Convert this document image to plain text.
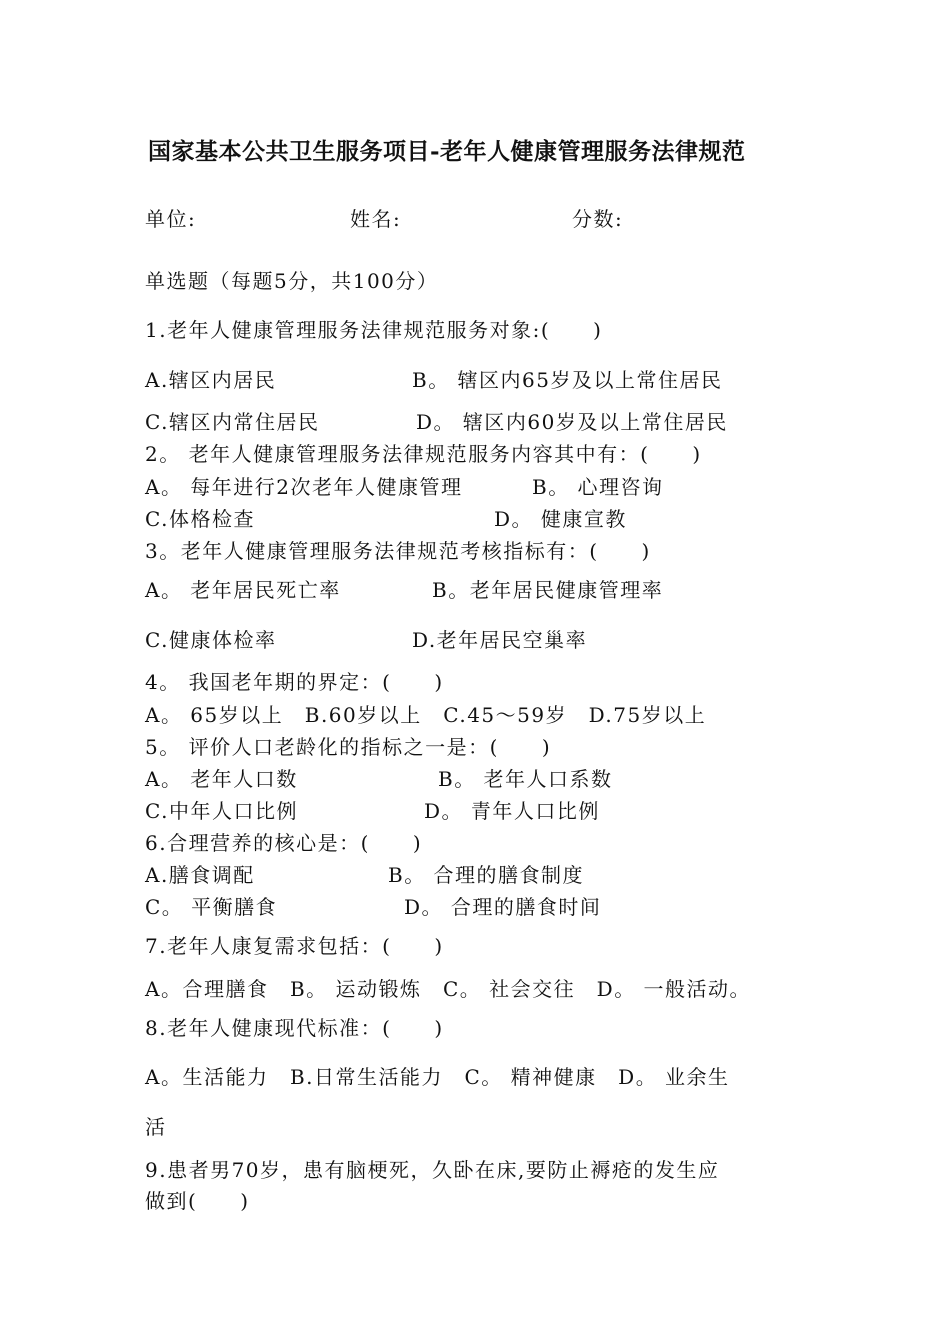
国家基本公共卫生服务项目-老年人健康管理服务法律规范
单位:	姓名:	分数:
单选题（每题5分，共100分）
1.老年人健康管理服务法律规范服务对象:(　　)
A.辖区内居民	B。 辖区内65岁及以上常住居民
C.辖区内常住居民	D。 辖区内60岁及以上常住居民
2。 老年人健康管理服务法律规范服务内容其中有：(　　)
A。 每年进行2次老年人健康管理	B。 心理咨询
C.体格检查	D。 健康宣教
3。老年人健康管理服务法律规范考核指标有：(　　)
A。 老年居民死亡率	B。老年居民健康管理率
C.健康体检率	D.老年居民空巢率
4。 我国老年期的界定：(　　)
A。 65岁以上　B.60岁以上　C.45～59岁　D.75岁以上
5。 评价人口老龄化的指标之一是：(　　)
A。 老年人口数	B。 老年人口系数
C.中年人口比例	D。 青年人口比例
6.合理营养的核心是：(　　)
A.膳食调配	B。 合理的膳食制度
C。 平衡膳食	D。 合理的膳食时间
7.老年人康复需求包括：(　　)
A。合理膳食　B。 运动锻炼　C。 社会交往　D。 一般活动。
8.老年人健康现代标准：(　　)
A。生活能力　B.日常生活能力　C。 精神健康　D。 业余生
活
9.患者男70岁，患有脑梗死，久卧在床,要防止褥疮的发生应
做到(　　)
